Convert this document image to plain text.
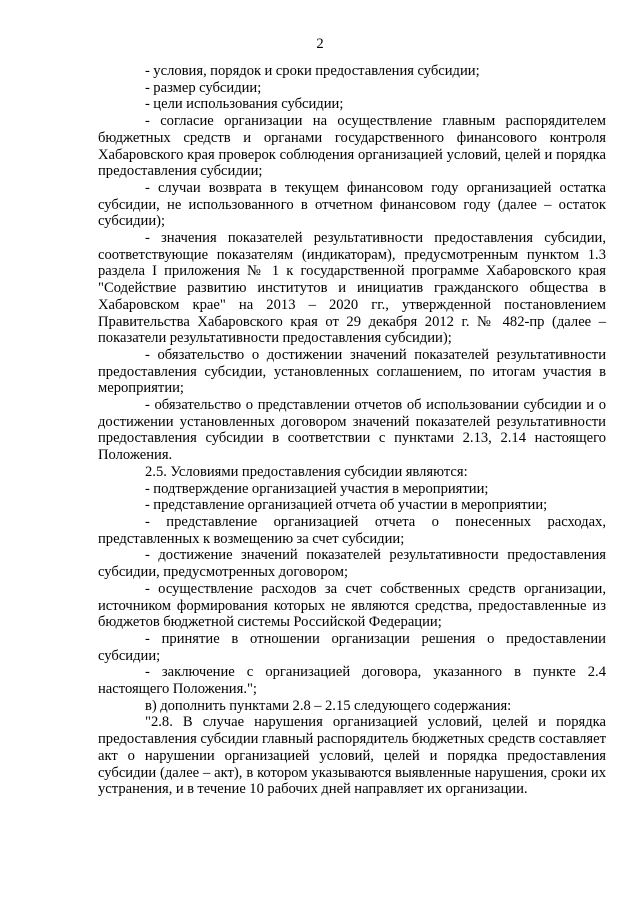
2

- условия, порядок и сроки предоставления субсидии;

- размер субсидии;

- цели использования субсидии;

- согласие организации на осуществление главным распорядителем бюджетных средств и органами государственного финансового контроля Хабаровского края проверок соблюдения организацией условий, целей и порядка предоставления субсидии;

- случаи возврата в текущем финансовом году организацией остатка субсидии, не использованного в отчетном финансовом году (далее – остаток субсидии);

- значения показателей результативности предоставления субсидии, соответствующие показателям (индикаторам), предусмотренным пунктом 1.3 раздела I приложения № 1 к государственной программе Хабаровского края "Содействие развитию институтов и инициатив гражданского общества в Хабаровском крае" на 2013 – 2020 гг., утвержденной постановлением Правительства Хабаровского края от 29 декабря 2012 г. № 482-пр (далее – показатели результативности предоставления субсидии);

- обязательство о достижении значений показателей результативности предоставления субсидии, установленных соглашением, по итогам участия в мероприятии;

- обязательство о представлении отчетов об использовании субсидии и о достижении установленных договором значений показателей результативности предоставления субсидии в соответствии с пунктами 2.13, 2.14 настоящего Положения.

2.5. Условиями предоставления субсидии являются:

- подтверждение организацией участия в мероприятии;

- представление организацией отчета об участии в мероприятии;

- представление организацией отчета о понесенных расходах, представленных к возмещению за счет субсидии;

- достижение значений показателей результативности предоставления субсидии, предусмотренных договором;

- осуществление расходов за счет собственных средств организации, источником формирования которых не являются средства, предоставленные из бюджетов бюджетной системы Российской Федерации;

- принятие в отношении организации решения о предоставлении субсидии;

- заключение с организацией договора, указанного в пункте 2.4 настоящего Положения.";

в) дополнить пунктами 2.8 – 2.15 следующего содержания:

"2.8. В случае нарушения организацией условий, целей и порядка предоставления субсидии главный распорядитель бюджетных средств составляет акт о нарушении организацией условий, целей и порядка предоставления субсидии (далее – акт), в котором указываются выявленные нарушения, сроки их устранения, и в течение 10 рабочих дней направляет их организации.
